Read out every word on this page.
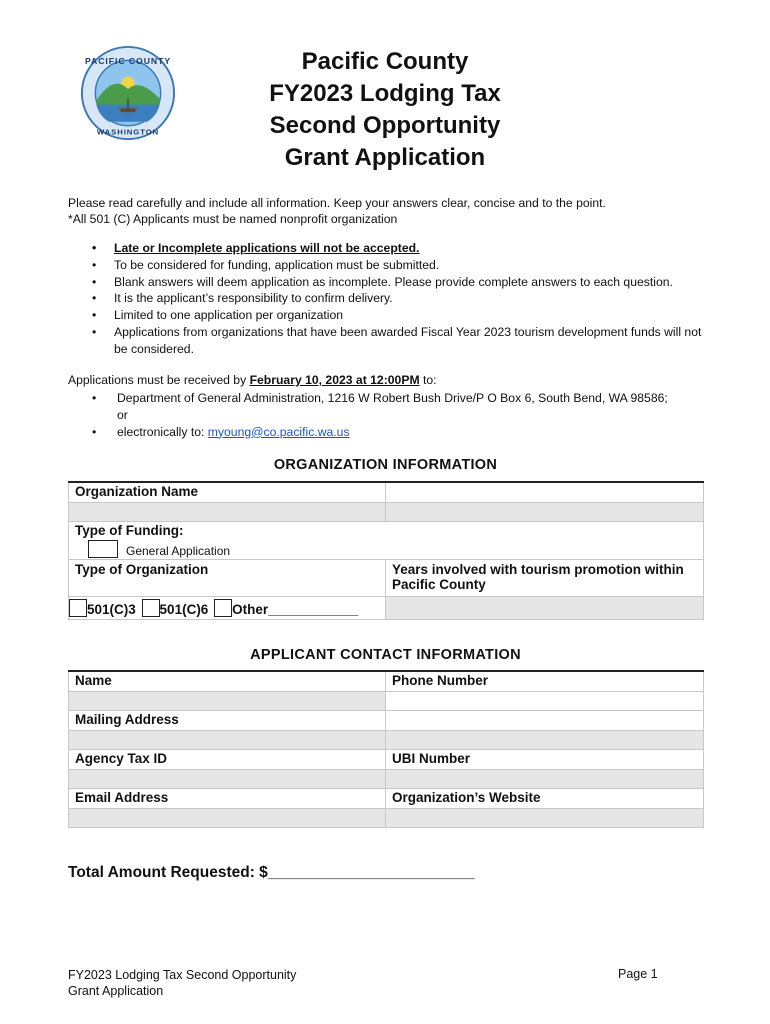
PACIFIC COUNTY
WASHINGTON
Pacific County
FY2023 Lodging Tax
Second Opportunity
Grant Application
Please read carefully and include all information. Keep your answers clear, concise and to the point.
*All 501 (C) Applicants must be named nonprofit organization
• Late or Incomplete applications will not be accepted.
• To be considered for funding, application must be submitted.
• Blank answers will deem application as incomplete. Please provide complete answers to each question.
• It is the applicant’s responsibility to confirm delivery.
• Limited to one application per organization
• Applications from organizations that have been awarded Fiscal Year 2023 tourism development funds will not be considered.
Applications must be received by February 10, 2023 at 12:00PM to:
• Department of General Administration, 1216 W Robert Bush Drive/P O Box 6, South Bend, WA 98586;
or
• electronically to: myoung@co.pacific.wa.us
ORGANIZATION INFORMATION
Organization Name	

Type of Funding:
General Application	

Type of Organization	Years involved with tourism promotion within Pacific County
501(C)3 501(C)6 Other____________	
APPLICANT CONTACT INFORMATION
Name	Phone Number

Mailing Address	

Agency Tax ID	UBI Number

Email Address	Organization’s Website

Total Amount Requested: $________________________
FY2023 Lodging Tax Second Opportunity
Grant Application
Page 1
